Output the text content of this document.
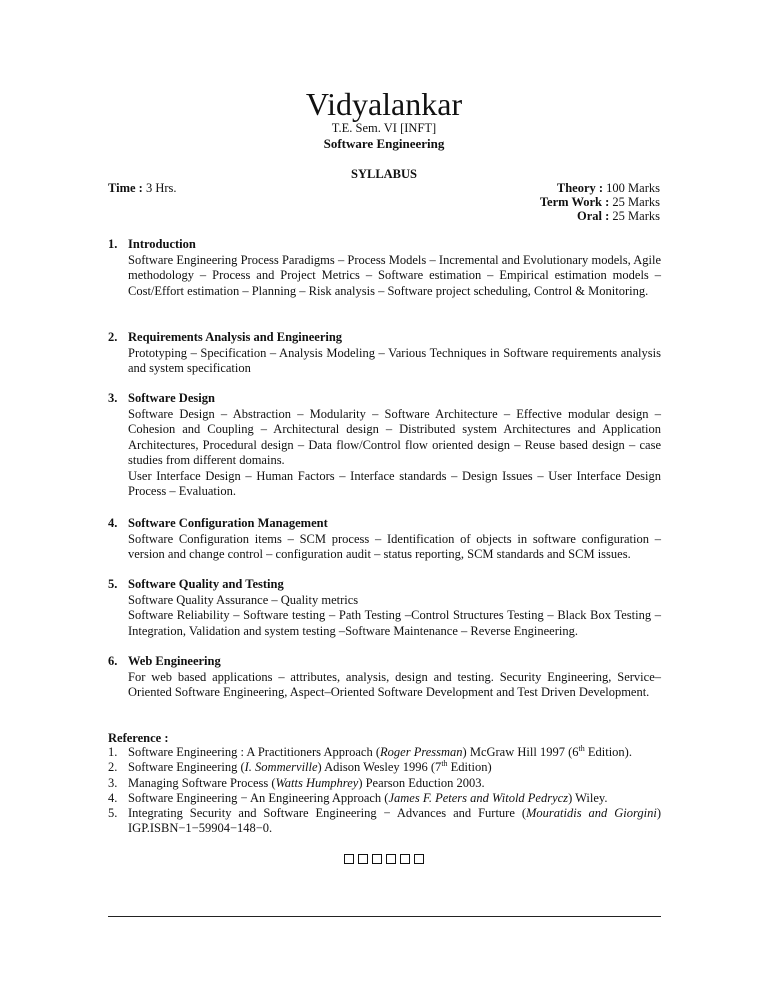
Vidyalankar
T.E. Sem. VI [INFT]
Software Engineering
SYLLABUS
Time : 3 Hrs.	Theory : 100 Marks
Term Work : 25 Marks
Oral : 25 Marks
1. Introduction

Software Engineering Process Paradigms – Process Models – Incremental and Evolutionary models, Agile methodology – Process and Project Metrics – Software estimation – Empirical estimation models – Cost/Effort estimation – Planning – Risk analysis – Software project scheduling, Control & Monitoring.

2. Requirements Analysis and Engineering

Prototyping – Specification – Analysis Modeling – Various Techniques in Software requirements analysis and system specification

3. Software Design

Software Design – Abstraction – Modularity – Software Architecture – Effective modular design – Cohesion and Coupling – Architectural design – Distributed system Architectures and Application Architectures, Procedural design – Data flow/Control flow oriented design – Reuse based design – case studies from different domains.

User Interface Design – Human Factors – Interface standards – Design Issues – User Interface Design Process – Evaluation.

4. Software Configuration Management

Software Configuration items – SCM process – Identification of objects in software configuration – version and change control – configuration audit – status reporting, SCM standards and SCM issues.

5. Software Quality and Testing

Software Quality Assurance – Quality metrics

Software Reliability – Software testing – Path Testing –Control Structures Testing – Black Box Testing – Integration, Validation and system testing –Software Maintenance – Reverse Engineering.

6. Web Engineering

For web based applications – attributes, analysis, design and testing. Security Engineering, Service–Oriented Software Engineering, Aspect–Oriented Software Development and Test Driven Development.

Reference :
1. Software Engineering : A Practitioners Approach (Roger Pressman) McGraw Hill 1997 (6th Edition).
2. Software Engineering (I. Sommerville) Adison Wesley 1996 (7th Edition)
3. Managing Software Process (Watts Humphrey) Pearson Eduction 2003.
4. Software Engineering − An Engineering Approach (James F. Peters and Witold Pedrycz) Wiley.
5. Integrating Security and Software Engineering − Advances and Furture (Mouratidis and Giorgini) IGP.ISBN−1−59904−148−0.
